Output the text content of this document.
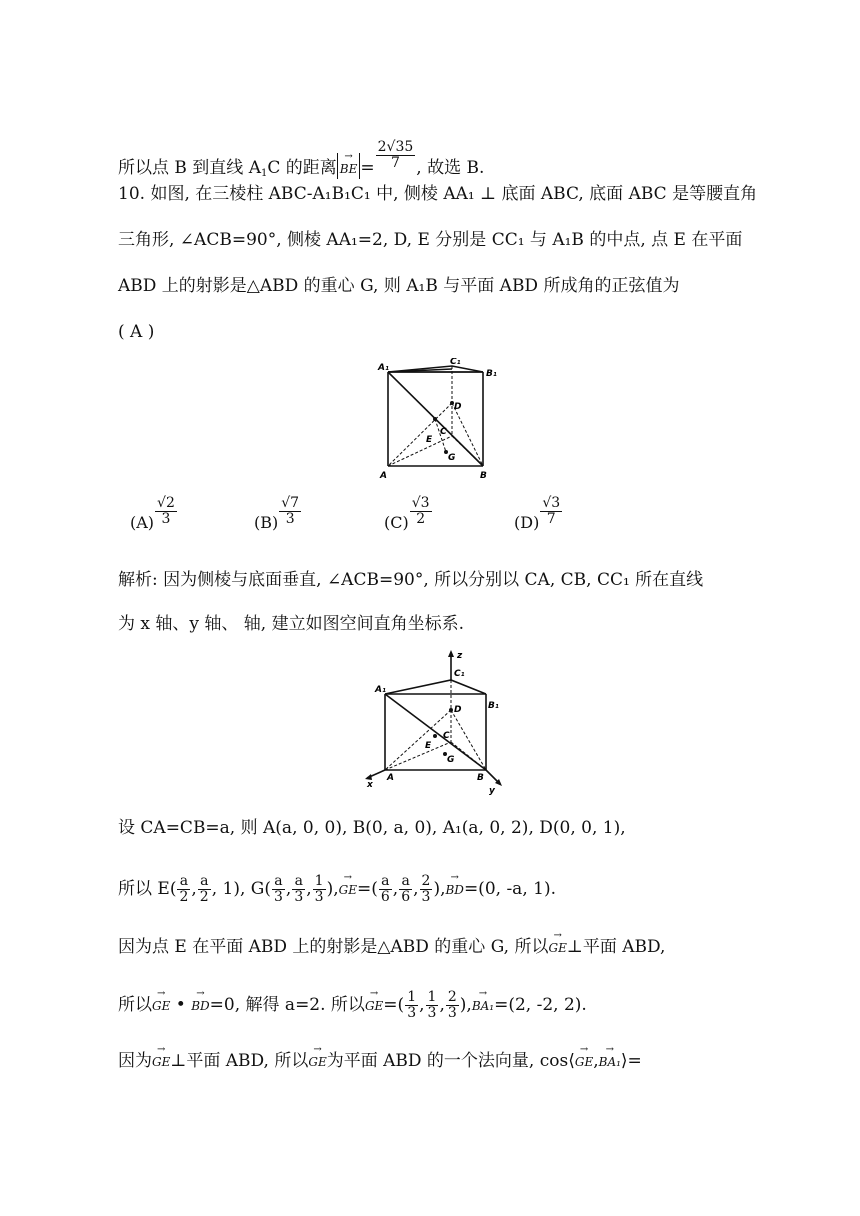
所以点 B 到直线 $A_1C$ 的距离→ BE = $\frac{2√35}{7}$ , 故选 B.
10. 如图, 在三棱柱 ABC-A₁B₁C₁ 中, 侧棱 AA₁ ⊥ 底面 ABC, 底面 ABC 是等腰直角
三角形, ∠ACB=90°, 侧棱 AA₁=2, D, E 分别是 CC₁ 与 A₁B 的中点, 点 E 在平面
ABD 上的射影是△ABD 的重心 G, 则 A₁B 与平面 ABD 所成角的正弦值为
( A )
A₁
B₁
C₁
D
E
C
G
A	B
$(A) \frac{√2}{3}$	$(B) \frac{√7}{3}$	$(C) \frac{√3}{2}$	$(D) \frac{√3}{7}$
解析: 因为侧棱与底面垂直, ∠ACB=90°, 所以分别以 CA, CB, CC₁ 所在直线
为 x 轴、y 轴、 轴, 建立如图空间直角坐标系.
z
C₁
A₁
B₁
D
C
E
G
A	B
x
y
设 CA=CB=a, 则 A(a, 0, 0), B(0, a, 0), A₁(a, 0, 2), D(0, 0, 1),
所以 $E( \frac{a}{2}$ , $\frac{a}{2}$ , 1), $G( \frac{a}{3}$ , $\frac{a}{3}$ , $\frac{1}{3}$ ),→ $GE=( \frac{a}{6}$ , $\frac{a}{6}$ , $\frac{2}{3}$ ),→ BD=(0, -a, 1).
因为点 E 在平面 ABD 上的射影是△ABD 的重心 G, 所以→ GE⊥平面 ABD,
所以→ GE • → BD=0, 解得 a=2. 所以→ $GE=( \frac{1}{3}$ , $\frac{1}{3}$ , $\frac{2}{3}$ ),→ BA₁=(2, -2, 2).
因为→ GE⊥平面 ABD, 所以→ GE为平面 ABD 的一个法向量, cos⟨→ GE,→ BA₁⟩=
